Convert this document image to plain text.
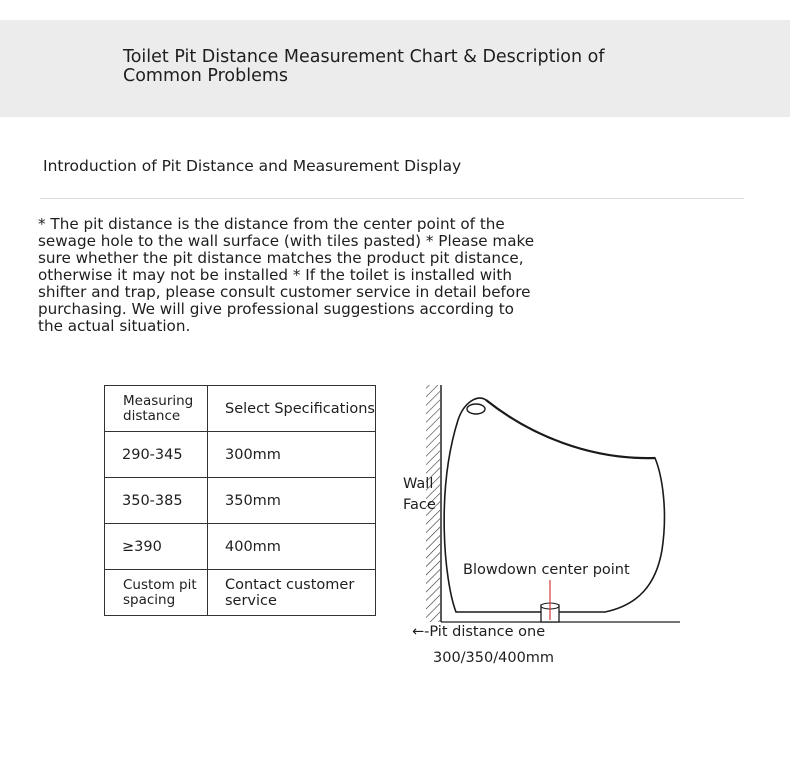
Toilet Pit Distance Measurement Chart & Description of Common Problems
Introduction of Pit Distance and Measurement Display

* The pit distance is the distance from the center point of the sewage hole to the wall surface (with tiles pasted) * Please make sure whether the pit distance matches the product pit distance, otherwise it may not be installed * If the toilet is installed with shifter and trap, please consult customer service in detail before purchasing. We will give professional suggestions according to the actual situation.

Measuring distance	Select Specifications
290-345	300mm
350-385	350mm
≥390	400mm
Custom pit spacing	Contact customer service
Wall
Face
Blowdown center point
←-Pit distance one
300/350/400mm
